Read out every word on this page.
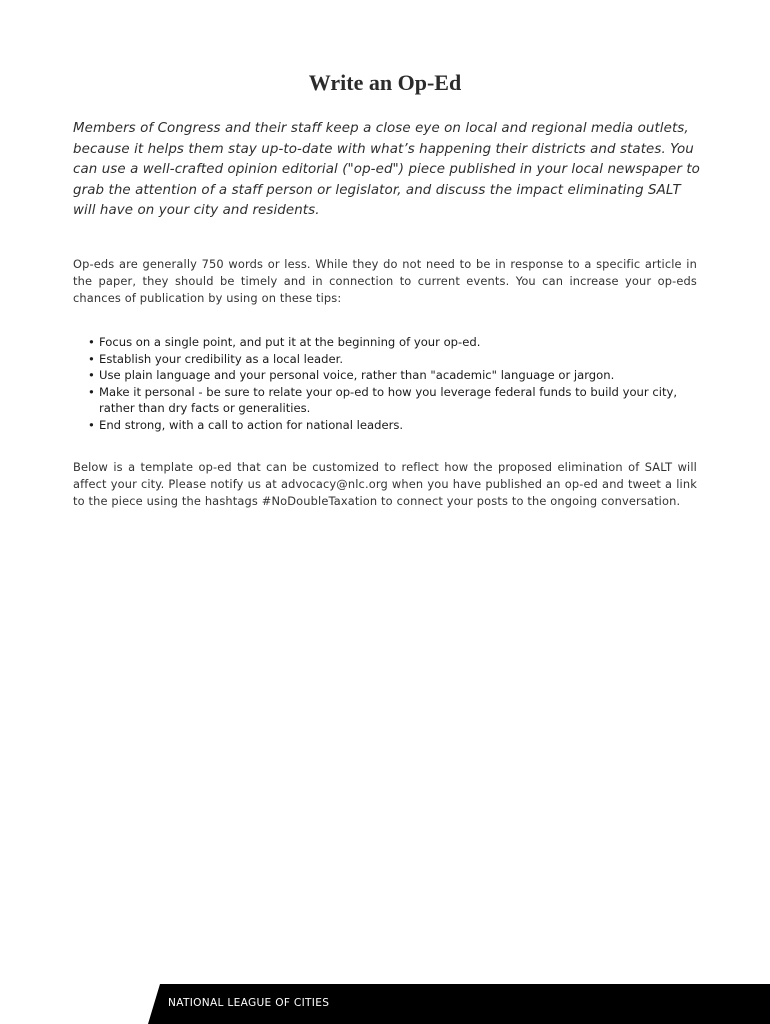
Write an Op-Ed

Members of Congress and their staff keep a close eye on local and regional media outlets, because it helps them stay up-to-date with what’s happening their districts and states. You can use a well-crafted opinion editorial ("op-ed") piece published in your local newspaper to grab the attention of a staff person or legislator, and discuss the impact eliminating SALT will have on your city and residents.

Op-eds are generally 750 words or less. While they do not need to be in response to a specific article in the paper, they should be timely and in connection to current events. You can increase your op-eds chances of publication by using on these tips:

• Focus on a single point, and put it at the beginning of your op-ed.
• Establish your credibility as a local leader.
• Use plain language and your personal voice, rather than "academic" language or jargon.
• Make it personal - be sure to relate your op-ed to how you leverage federal funds to build your city, rather than dry facts or generalities.
• End strong, with a call to action for national leaders.

Below is a template op-ed that can be customized to reflect how the proposed elimination of SALT will affect your city. Please notify us at advocacy@nlc.org when you have published an op-ed and tweet a link to the piece using the hashtags #NoDoubleTaxation to connect your posts to the ongoing conversation.

NATIONAL LEAGUE OF CITIES
